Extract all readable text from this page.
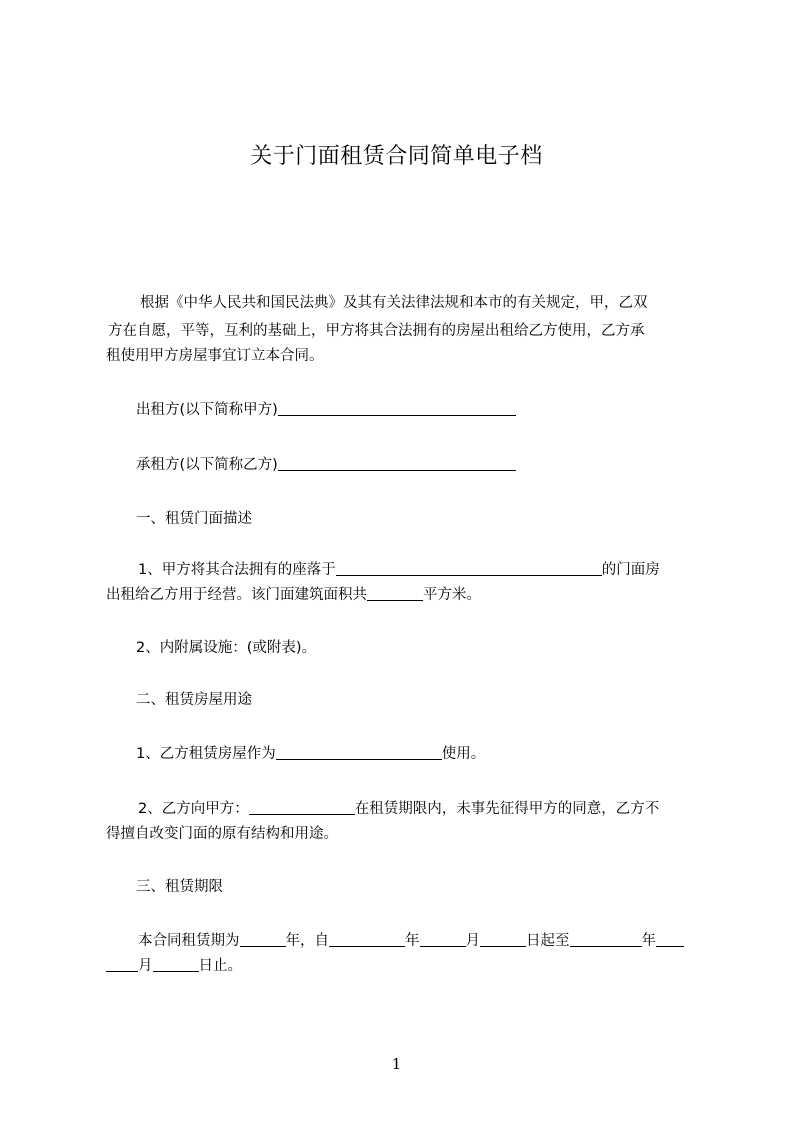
关于门面租赁合同简单电子档
根据《中华人民共和国民法典》及其有关法律法规和本市的有关规定，甲，乙双
方在自愿，平等，互利的基础上，甲方将其合法拥有的房屋出租给乙方使用，乙方承
租使用甲方房屋事宜订立本合同。
出租方(以下简称甲方)
承租方(以下简称乙方)
一、租赁门面描述
1、甲方将其合法拥有的座落于	的门面房
出租给乙方用于经营。该门面建筑面积共	平方米。
2、内附属设施：(或附表)。
二、租赁房屋用途
1、乙方租赁房屋作为	使用。
2、乙方向甲方：	在租赁期限内，未事先征得甲方的同意，乙方不
得擅自改变门面的原有结构和用途。
三、租赁期限
本合同租赁期为	年，自	年	月	日起至	年
月	日止。
1
